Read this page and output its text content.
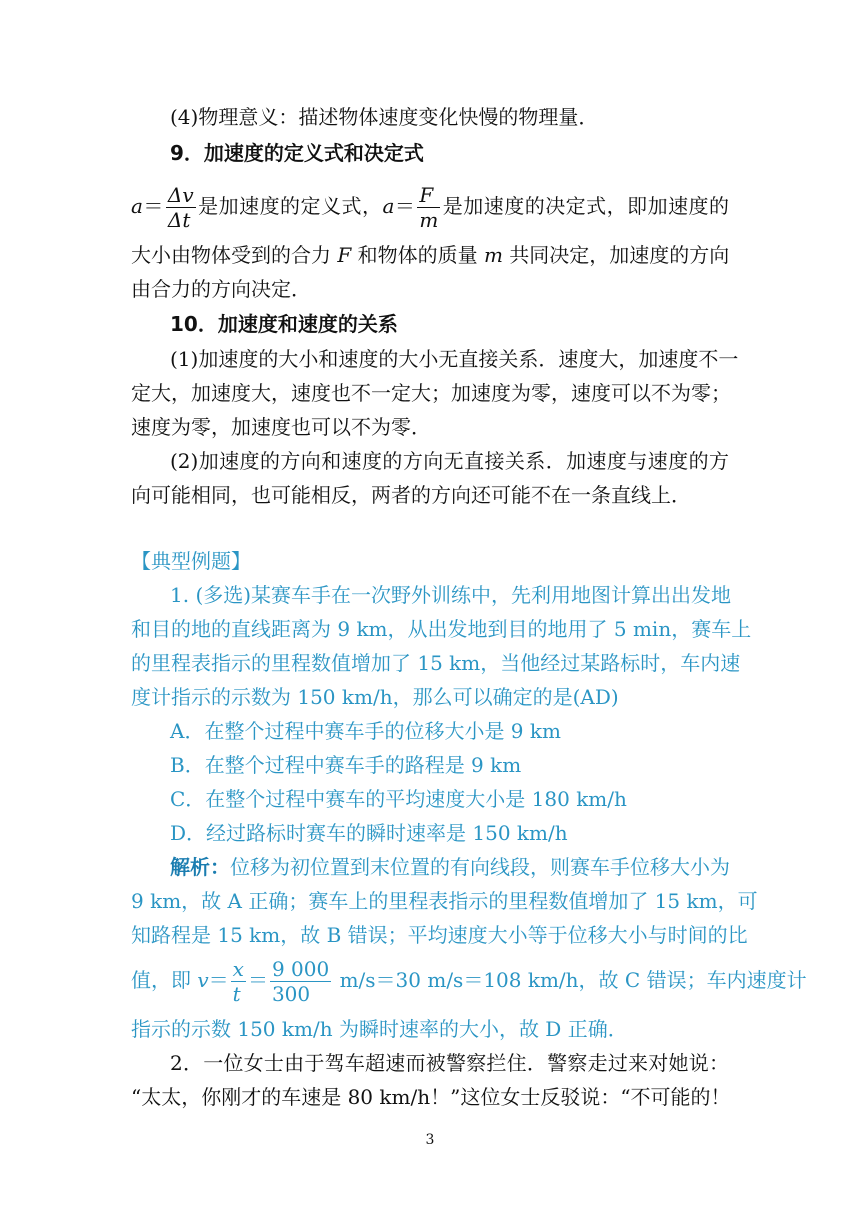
(4)物理意义：描述物体速度变化快慢的物理量．
9．加速度的定义式和决定式
$a= \frac{\Delta v}{\Delta t}$ 是加速度的定义式，$a= \frac{F}{m}$ 是加速度的决定式，即加速度的
大小由物体受到的合力 F 和物体的质量 m 共同决定，加速度的方向
由合力的方向决定．
10．加速度和速度的关系
(1)加速度的大小和速度的大小无直接关系．速度大，加速度不一
定大，加速度大，速度也不一定大；加速度为零，速度可以不为零；
速度为零，加速度也可以不为零．
(2)加速度的方向和速度的方向无直接关系．加速度与速度的方
向可能相同，也可能相反，两者的方向还可能不在一条直线上．
【典型例题】
1. (多选)某赛车手在一次野外训练中，先利用地图计算出出发地
和目的地的直线距离为 9 km，从出发地到目的地用了 5 min，赛车上
的里程表指示的里程数值增加了 15 km，当他经过某路标时，车内速
度计指示的示数为 150 km/h，那么可以确定的是(AD)
A．在整个过程中赛车手的位移大小是 9 km
B．在整个过程中赛车手的路程是 9 km
C．在整个过程中赛车的平均速度大小是 180 km/h
D．经过路标时赛车的瞬时速率是 150 km/h
解析：位移为初位置到末位置的有向线段，则赛车手位移大小为
9 km，故 A 正确；赛车上的里程表指示的里程数值增加了 15 km，可
知路程是 15 km，故 B 错误；平均速度大小等于位移大小与时间的比
值，即 $v= \frac{x}{t} = \frac{9 000}{300} m/s=30$ m/s＝108 km/h，故 C 错误；车内速度计
指示的示数 150 km/h 为瞬时速率的大小，故 D 正确．
2．一位女士由于驾车超速而被警察拦住．警察走过来对她说：
“太太，你刚才的车速是 80 km/h！”这位女士反驳说：“不可能的！
3
